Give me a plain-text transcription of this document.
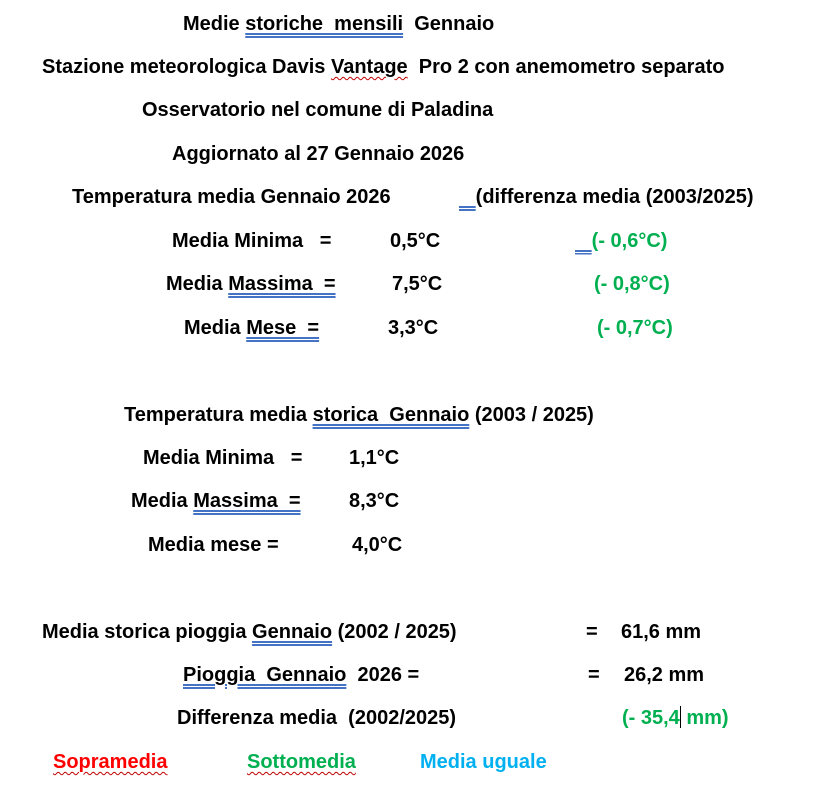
Medie storiche  mensili  Gennaio
Stazione meteorologica Davis Vantage  Pro 2 con anemometro separato
Osservatorio nel comune di Paladina
Aggiornato al 27 Gennaio 2026
Temperatura media Gennaio 2026	(differenza media (2003/2025)
Media Minima   =	0,5°C	(- 0,6°C)
Media Massima  =	7,5°C	(- 0,8°C)
Media Mese  =	3,3°C	(- 0,7°C)
Temperatura media storica  Gennaio (2003 / 2025)
Media Minima   = 1,1°C
Media Massima  = 8,3°C
Media mese =	4,0°C
Media storica pioggia Gennaio (2002 / 2025)	= 61,6 mm
Pioggia  Gennaio  2026 =	= 26,2 mm
Differenza media  (2002/2025)	(- 35,4 mm)
Sopramedia	Sottomedia	Media uguale
